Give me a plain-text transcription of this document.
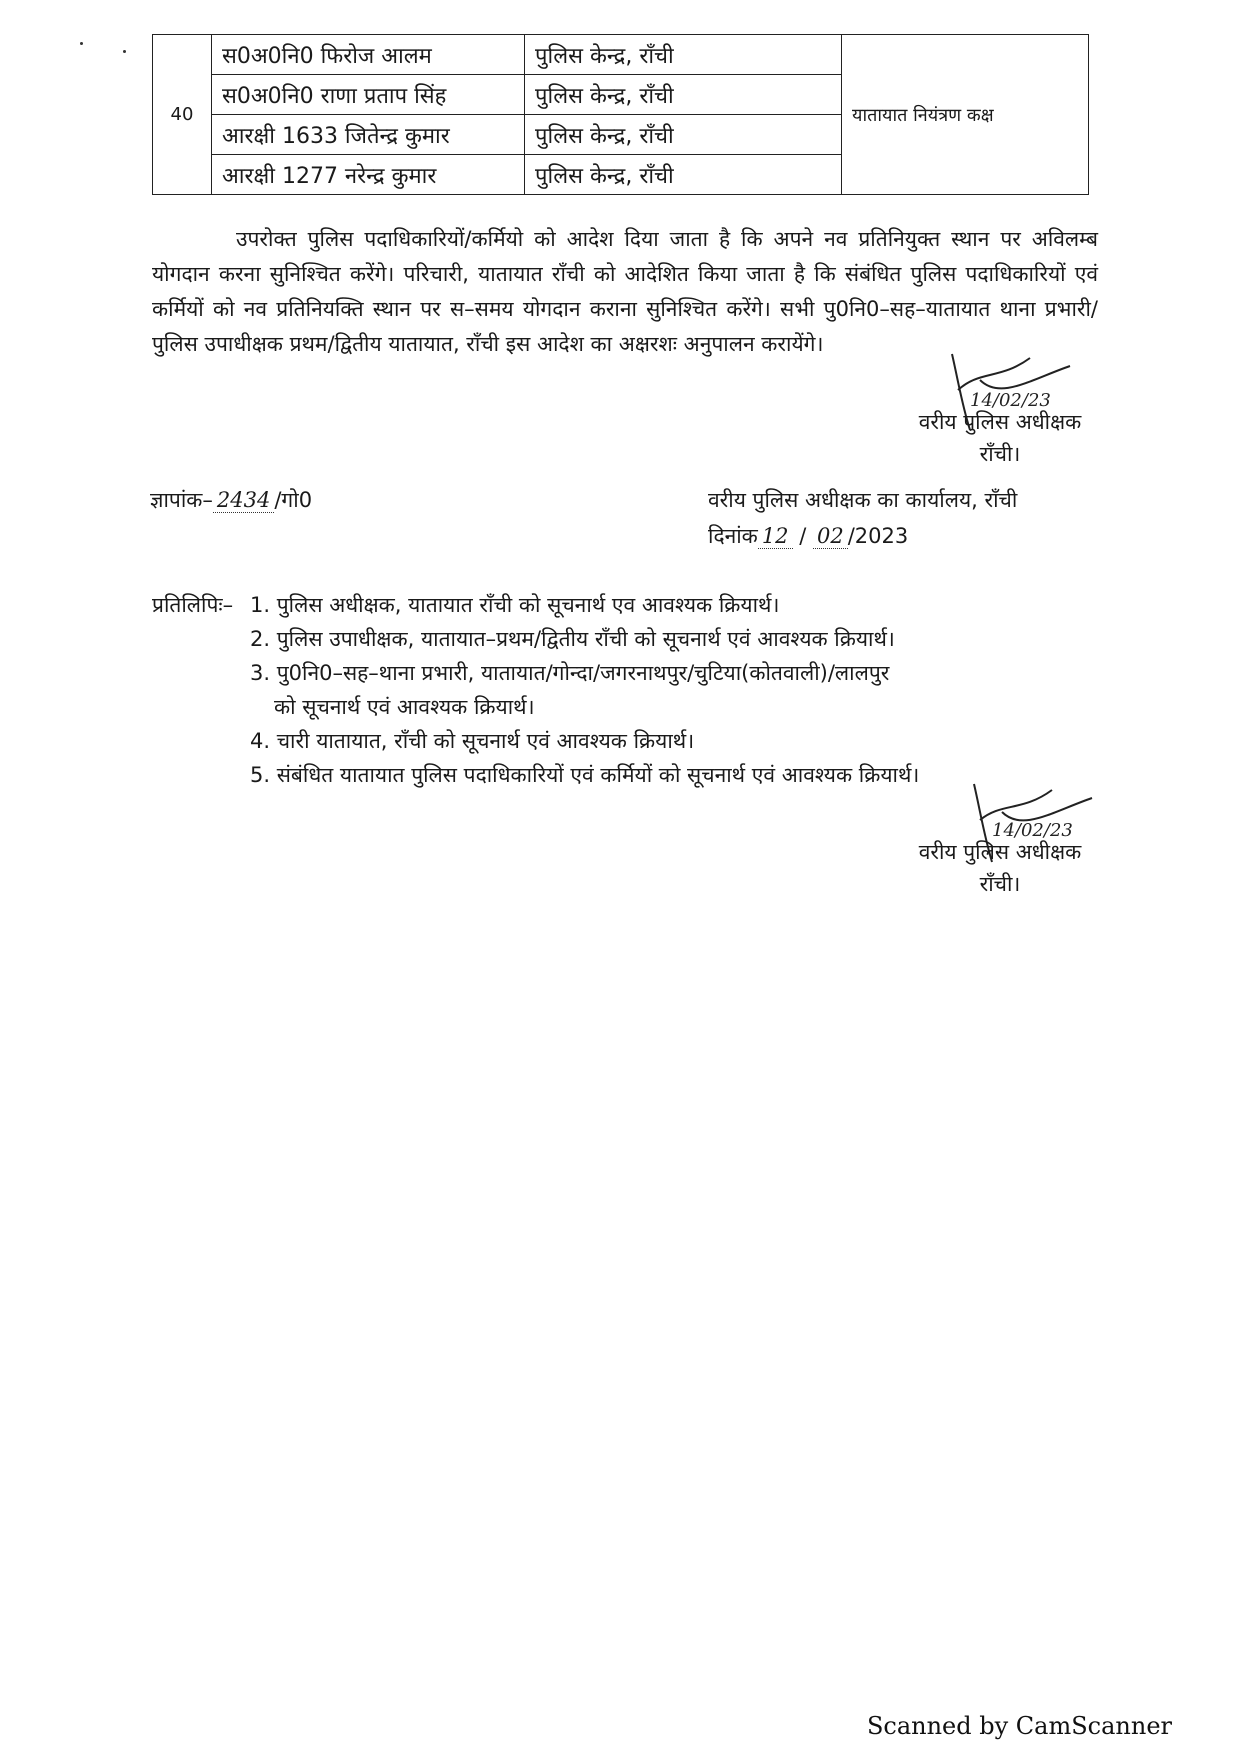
40	स0अ0नि0 फिरोज आलम	पुलिस केन्द्र, राँची	यातायात नियंत्रण कक्ष
	स0अ0नि0 राणा प्रताप सिंह	पुलिस केन्द्र, राँची	
	आरक्षी 1633 जितेन्द्र कुमार	पुलिस केन्द्र, राँची	
	आरक्षी 1277 नरेन्द्र कुमार	पुलिस केन्द्र, राँची	

उपरोक्त पुलिस पदाधिकारियों/कर्मियो को आदेश दिया जाता है कि अपने नव प्रतिनियुक्त स्थान पर अविलम्ब योगदान करना सुनिश्चित करेंगे। परिचारी, यातायात राँची को आदेशित किया जाता है कि संबंधित पुलिस पदाधिकारियों एवं कर्मियों को नव प्रतिनियक्ति स्थान पर स–समय योगदान कराना सुनिश्चित करेंगे। सभी पु0नि0–सह–यातायात थाना प्रभारी/पुलिस उपाधीक्षक प्रथम/द्वितीय यातायात, राँची इस आदेश का अक्षरशः अनुपालन करायेंगे।

14/02/23
वरीय पुलिस अधीक्षक
राँची।
ज्ञापांक– 2434 /गो0	वरीय पुलिस अधीक्षक का कार्यालय, राँची
दिनांक 12 / 02 /2023
प्रतिलिपिः– 1. पुलिस अधीक्षक, यातायात राँची को सूचनार्थ एव आवश्यक क्रियार्थ।
2. पुलिस उपाधीक्षक, यातायात–प्रथम/द्वितीय राँची को सूचनार्थ एवं आवश्यक क्रियार्थ।
3. पु0नि0–सह–थाना प्रभारी, यातायात/गोन्दा/जगरनाथपुर/चुटिया(कोतवाली)/लालपुर
को सूचनार्थ एवं आवश्यक क्रियार्थ।
4. चारी यातायात, राँची को सूचनार्थ एवं आवश्यक क्रियार्थ।
5. संबंधित यातायात पुलिस पदाधिकारियों एवं कर्मियों को सूचनार्थ एवं आवश्यक क्रियार्थ।
14/02/23
वरीय पुलिस अधीक्षक
राँची।
Scanned by CamScanner
